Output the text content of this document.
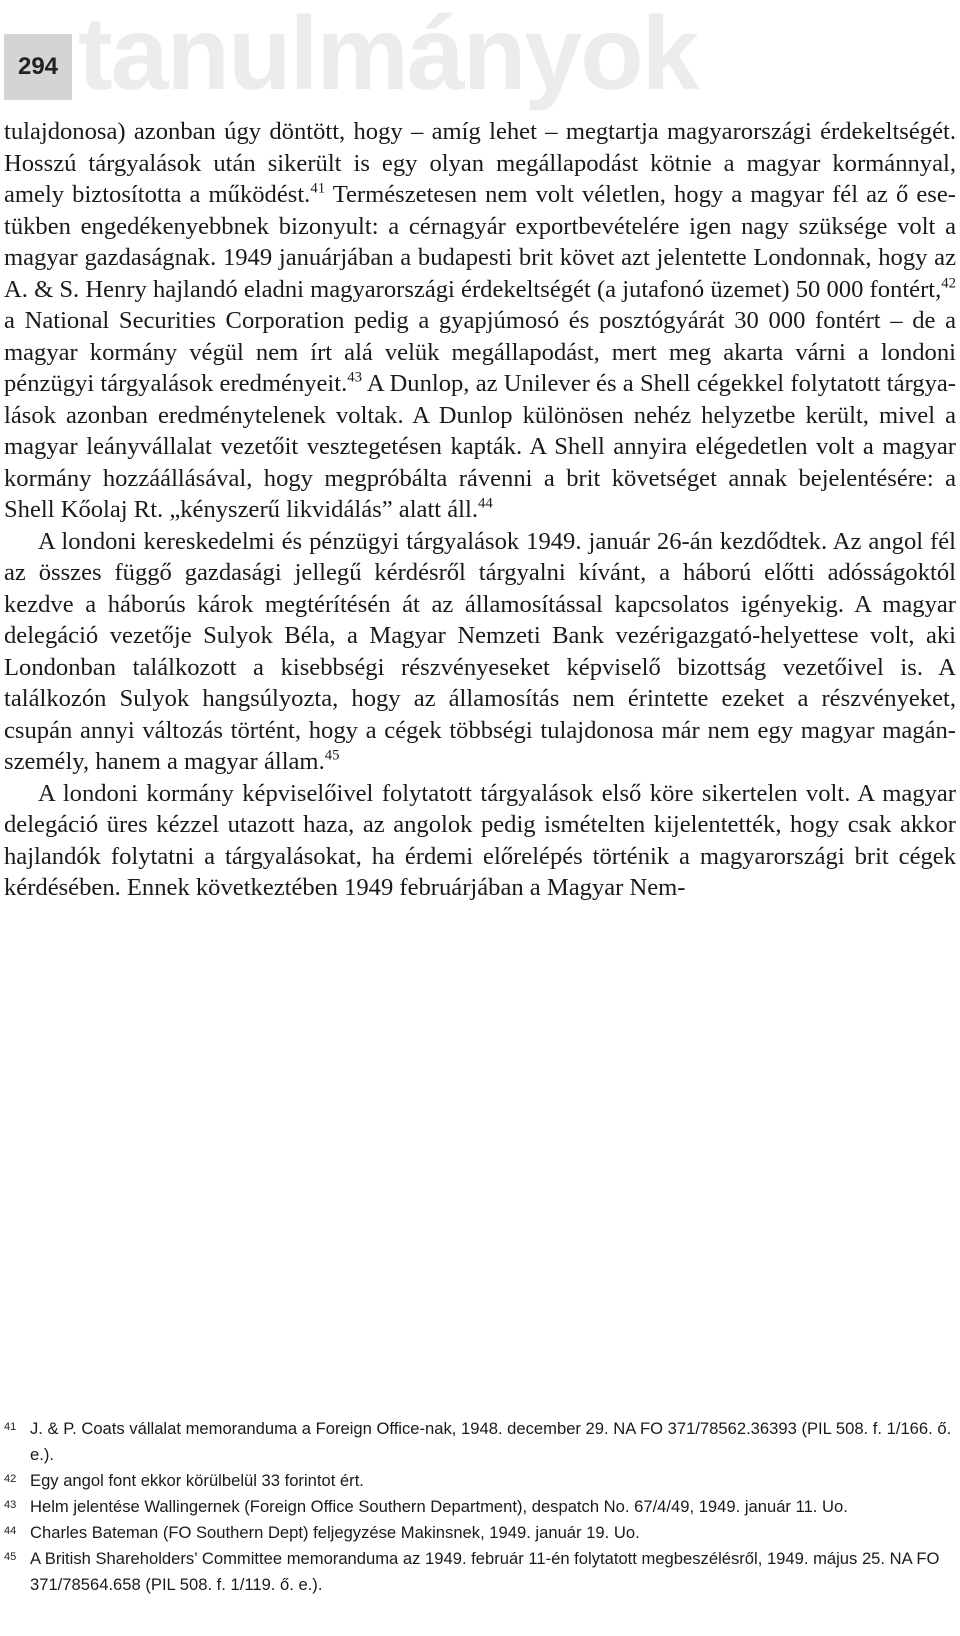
tanulmányok
294

tulajdonosa) azonban úgy döntött, hogy – amíg lehet – megtartja magyarországi érdekeltségét. Hosszú tárgyalások után sikerült is egy olyan megállapodást kötnie a magyar kormánnyal, amely biztosította a működést.$^{41}$ Természetesen nem volt véletlen, hogy a magyar fél az ő esetükben engedékenyebbnek bizonyult: a cérnagyár exportbevételére igen nagy szüksége volt a magyar gazdaságnak. 1949 januárjában a budapesti brit követ azt jelentette Londonnak, hogy az A. & S. Henry hajlandó eladni magyarországi érdekeltségét (a jutafonó üzemet) 50 000 fontért,$^{42}$ a National Securities Corporation pedig a gyapjúmosó és posztógyárát 30 000 fontért – de a magyar kormány végül nem írt alá velük megállapodást, mert meg akarta várni a londoni pénzügyi tárgyalások eredményeit.$^{43}$ A Dunlop, az Unilever és a Shell cégekkel folytatott tárgyalások azonban eredménytelenek voltak. A Dunlop különösen nehéz helyzetbe került, mivel a magyar leányvállalat vezetőit vesztegetésen kapták. A Shell annyira elégedetlen volt a magyar kormány hozzáállásával, hogy megpróbálta rávenni a brit követséget annak bejelentésére: a Shell Kőolaj Rt. „kényszerű likvidálás” alatt áll.$^{44}$

A londoni kereskedelmi és pénzügyi tárgyalások 1949. január 26-án kezdődtek. Az angol fél az összes függő gazdasági jellegű kérdésről tárgyalni kívánt, a háború előtti adósságoktól kezdve a háborús károk megtérítésén át az államosítással kapcsolatos igényekig. A magyar delegáció vezetője Sulyok Béla, a Magyar Nemzeti Bank vezérigazgató-helyettese volt, aki Londonban találkozott a kisebbségi részvényeseket képviselő bizottság vezetőivel is. A találkozón Sulyok hangsúlyozta, hogy az államosítás nem érintette ezeket a részvényeket, csupán annyi változás történt, hogy a cégek többségi tulajdonosa már nem egy magyar magánszemély, hanem a magyar állam.$^{45}$

A londoni kormány képviselőivel folytatott tárgyalások első köre sikertelen volt. A magyar delegáció üres kézzel utazott haza, az angolok pedig ismételten kijelentették, hogy csak akkor hajlandók folytatni a tárgyalásokat, ha érdemi előrelépés történik a magyarországi brit cégek kérdésében. Ennek következtében 1949 februárjában a Magyar Nem-

41 J. & P. Coats vállalat memoranduma a Foreign Office-nak, 1948. december 29. NA FO 371/78562.36393 (PIL 508. f. 1/166. ő. e.).
42 Egy angol font ekkor körülbelül 33 forintot ért.
43 Helm jelentése Wallingernek (Foreign Office Southern Department), despatch No. 67/4/49, 1949. január 11. Uo.
44 Charles Bateman (FO Southern Dept) feljegyzése Makinsnek, 1949. január 19. Uo.
45 A British Shareholders’ Committee memoranduma az 1949. február 11-én folytatott megbeszélésről, 1949. május 25. NA FO 371/78564.658 (PIL 508. f. 1/119. ő. e.).
